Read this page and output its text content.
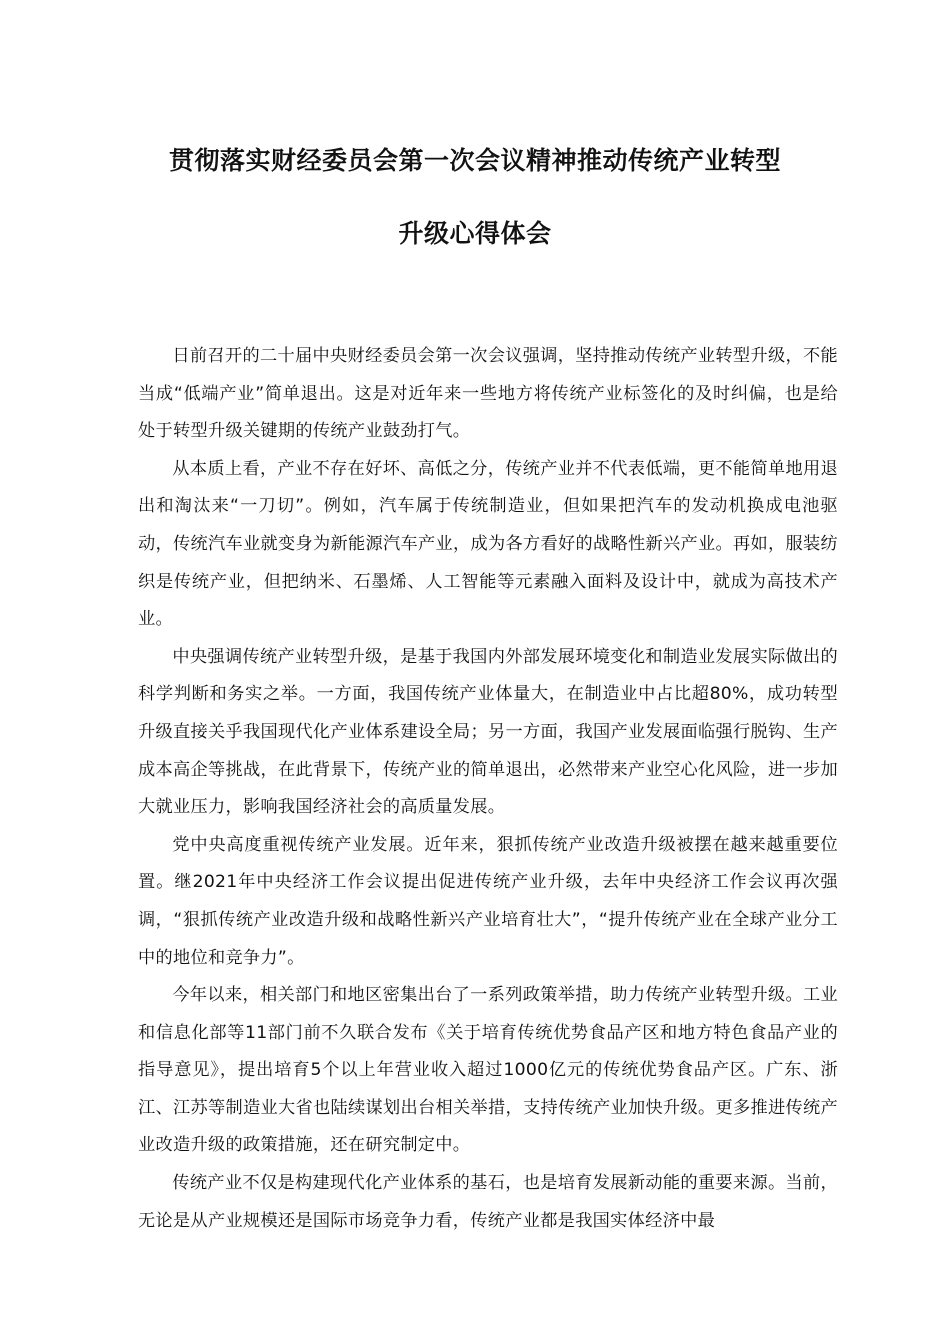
贯彻落实财经委员会第一次会议精神推动传统产业转型
升级心得体会

日前召开的二十届中央财经委员会第一次会议强调，坚持推动传统产业转型升级，不能当成“低端产业”简单退出。这是对近年来一些地方将传统产业标签化的及时纠偏，也是给处于转型升级关键期的传统产业鼓劲打气。

从本质上看，产业不存在好坏、高低之分，传统产业并不代表低端，更不能简单地用退出和淘汰来“一刀切”。例如，汽车属于传统制造业，但如果把汽车的发动机换成电池驱动，传统汽车业就变身为新能源汽车产业，成为各方看好的战略性新兴产业。再如，服装纺织是传统产业，但把纳米、石墨烯、人工智能等元素融入面料及设计中，就成为高技术产业。

中央强调传统产业转型升级，是基于我国内外部发展环境变化和制造业发展实际做出的科学判断和务实之举。一方面，我国传统产业体量大，在制造业中占比超80%，成功转型升级直接关乎我国现代化产业体系建设全局；另一方面，我国产业发展面临强行脱钩、生产成本高企等挑战，在此背景下，传统产业的简单退出，必然带来产业空心化风险，进一步加大就业压力，影响我国经济社会的高质量发展。

党中央高度重视传统产业发展。近年来，狠抓传统产业改造升级被摆在越来越重要位置。继2021年中央经济工作会议提出促进传统产业升级，去年中央经济工作会议再次强调，“狠抓传统产业改造升级和战略性新兴产业培育壮大”，“提升传统产业在全球产业分工中的地位和竞争力”。

今年以来，相关部门和地区密集出台了一系列政策举措，助力传统产业转型升级。工业和信息化部等11部门前不久联合发布《关于培育传统优势食品产区和地方特色食品产业的指导意见》，提出培育5个以上年营业收入超过1000亿元的传统优势食品产区。广东、浙江、江苏等制造业大省也陆续谋划出台相关举措，支持传统产业加快升级。更多推进传统产业改造升级的政策措施，还在研究制定中。

传统产业不仅是构建现代化产业体系的基石，也是培育发展新动能的重要来源。当前，无论是从产业规模还是国际市场竞争力看，传统产业都是我国实体经济中最
